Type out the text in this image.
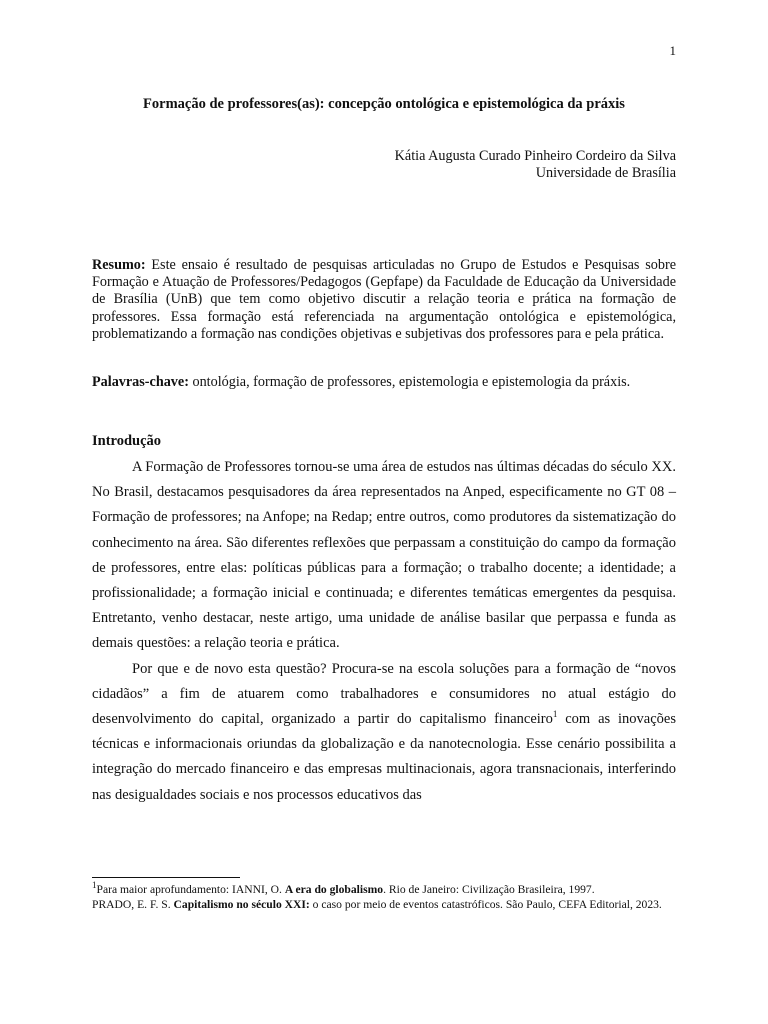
1
Formação de professores(as): concepção ontológica e epistemológica da práxis
Kátia Augusta Curado Pinheiro Cordeiro da Silva
Universidade de Brasília
Resumo: Este ensaio é resultado de pesquisas articuladas no Grupo de Estudos e Pesquisas sobre Formação e Atuação de Professores/Pedagogos (Gepfape) da Faculdade de Educação da Universidade de Brasília (UnB) que tem como objetivo discutir a relação teoria e prática na formação de professores. Essa formação está referenciada na argumentação ontológica e epistemológica, problematizando a formação nas condições objetivas e subjetivas dos professores para e pela prática.
Palavras-chave: ontológia, formação de professores, epistemologia e epistemologia da práxis.
Introdução

A Formação de Professores tornou-se uma área de estudos nas últimas décadas do século XX. No Brasil, destacamos pesquisadores da área representados na Anped, especificamente no GT 08 – Formação de professores; na Anfope; na Redap; entre outros, como produtores da sistematização do conhecimento na área. São diferentes reflexões que perpassam a constituição do campo da formação de professores, entre elas: políticas públicas para a formação; o trabalho docente; a identidade; a profissionalidade; a formação inicial e continuada; e diferentes temáticas emergentes da pesquisa. Entretanto, venho destacar, neste artigo, uma unidade de análise basilar que perpassa e funda as demais questões: a relação teoria e prática.

Por que e de novo esta questão? Procura-se na escola soluções para a formação de “novos cidadãos” a fim de atuarem como trabalhadores e consumidores no atual estágio do desenvolvimento do capital, organizado a partir do capitalismo financeiro$^1$ com as inovações técnicas e informacionais oriundas da globalização e da nanotecnologia. Esse cenário possibilita a integração do mercado financeiro e das empresas multinacionais, agora transnacionais, interferindo nas desigualdades sociais e nos processos educativos das

$^1$Para maior aprofundamento: IANNI, O. A era do globalismo. Rio de Janeiro: Civilização Brasileira, 1997.

PRADO, E. F. S. Capitalismo no século XXI: o caso por meio de eventos catastróficos. São Paulo, CEFA Editorial, 2023.
